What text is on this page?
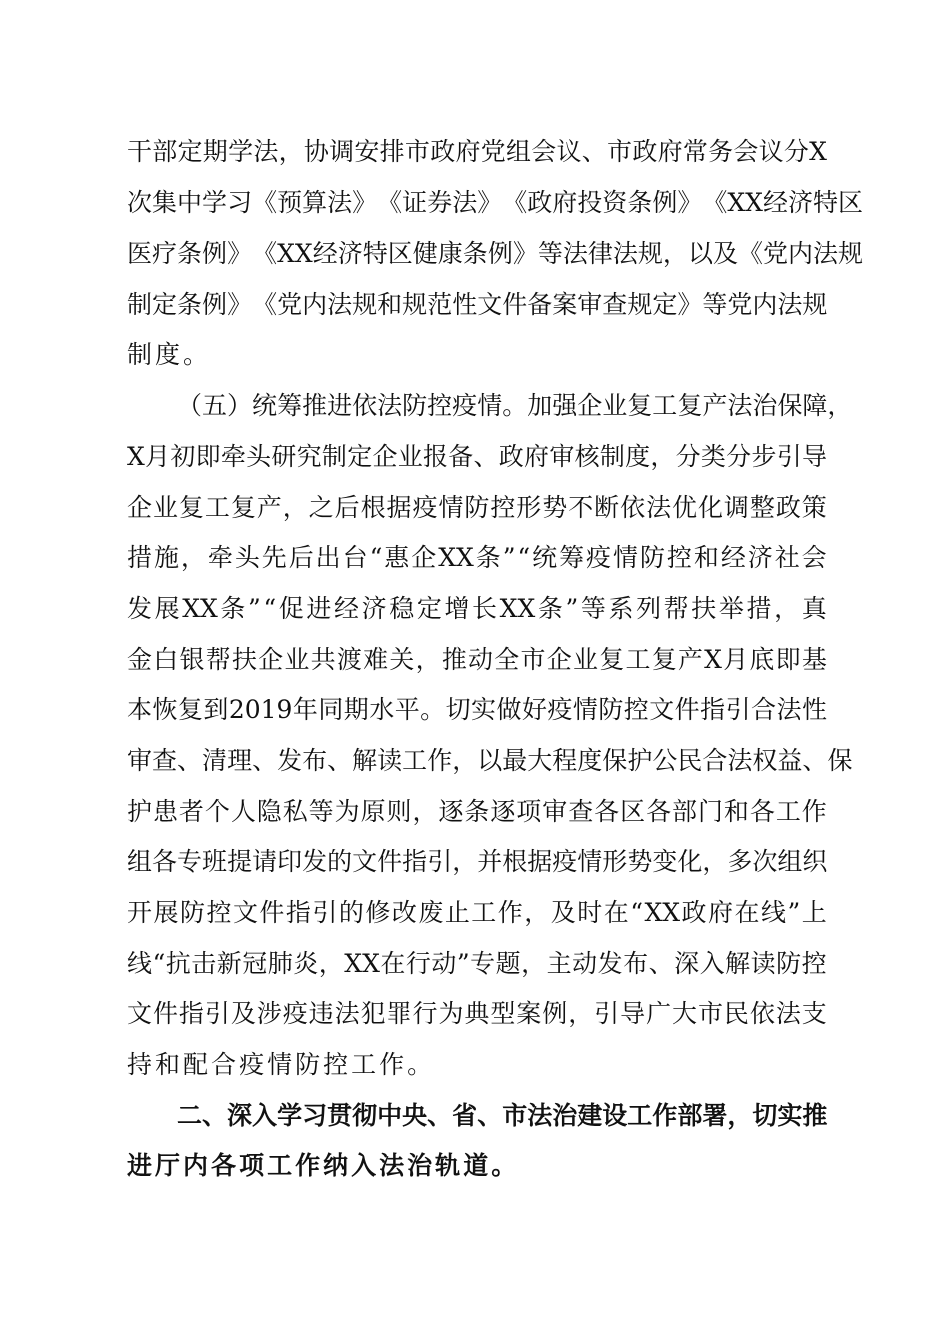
干 部 定 期 学 法 ， 协 调 安 排 市 政 府 党 组 会 议 、 市 政 府 常 务 会 议 分 X
次 集 中 学 习 《 预 算 法 》 《 证 券 法 》 《 政 府 投 资 条 例 》 《 XX 经 济 特 区
医 疗 条 例 》 《 XX 经 济 特 区 健 康 条 例 》 等 法 律 法 规 ， 以 及 《 党 内 法 规
制 定 条 例 》 《 党 内 法 规 和 规 范 性 文 件 备 案 审 查 规 定 》 等 党 内 法 规
制 度 。
（ 五 ） 统 筹 推 进 依 法 防 控 疫 情 。 加 强 企 业 复 工 复 产 法 治 保 障 ，
X 月 初 即 牵 头 研 究 制 定 企 业 报 备 、 政 府 审 核 制 度 ， 分 类 分 步 引 导
企 业 复 工 复 产 ， 之 后 根 据 疫 情 防 控 形 势 不 断 依 法 优 化 调 整 政 策
措 施 ， 牵 头 先 后 出 台 “ 惠 企 XX 条 ” “ 统 筹 疫 情 防 控 和 经 济 社 会
发 展 XX 条 ” “ 促 进 经 济 稳 定 增 长 XX 条 ” 等 系 列 帮 扶 举 措 ， 真
金 白 银 帮 扶 企 业 共 渡 难 关 ， 推 动 全 市 企 业 复 工 复 产 X 月 底 即 基
本 恢 复 到 2019 年 同 期 水 平 。 切 实 做 好 疫 情 防 控 文 件 指 引 合 法 性
审 查 、 清 理 、 发 布 、 解 读 工 作 ， 以 最 大 程 度 保 护 公 民 合 法 权 益 、 保
护 患 者 个 人 隐 私 等 为 原 则 ， 逐 条 逐 项 审 查 各 区 各 部 门 和 各 工 作
组 各 专 班 提 请 印 发 的 文 件 指 引 ， 并 根 据 疫 情 形 势 变 化 ， 多 次 组 织
开 展 防 控 文 件 指 引 的 修 改 废 止 工 作 ， 及 时 在 “ XX 政 府 在 线 ” 上
线 “ 抗 击 新 冠 肺 炎 ， XX 在 行 动 ” 专 题 ， 主 动 发 布 、 深 入 解 读 防 控
文 件 指 引 及 涉 疫 违 法 犯 罪 行 为 典 型 案 例 ， 引 导 广 大 市 民 依 法 支
持 和 配 合 疫 情 防 控 工 作 。
二 、 深 入 学 习 贯 彻 中 央 、 省 、 市 法 治 建 设 工 作 部 署 ， 切 实 推
进 厅 内 各 项 工 作 纳 入 法 治 轨 道 。
